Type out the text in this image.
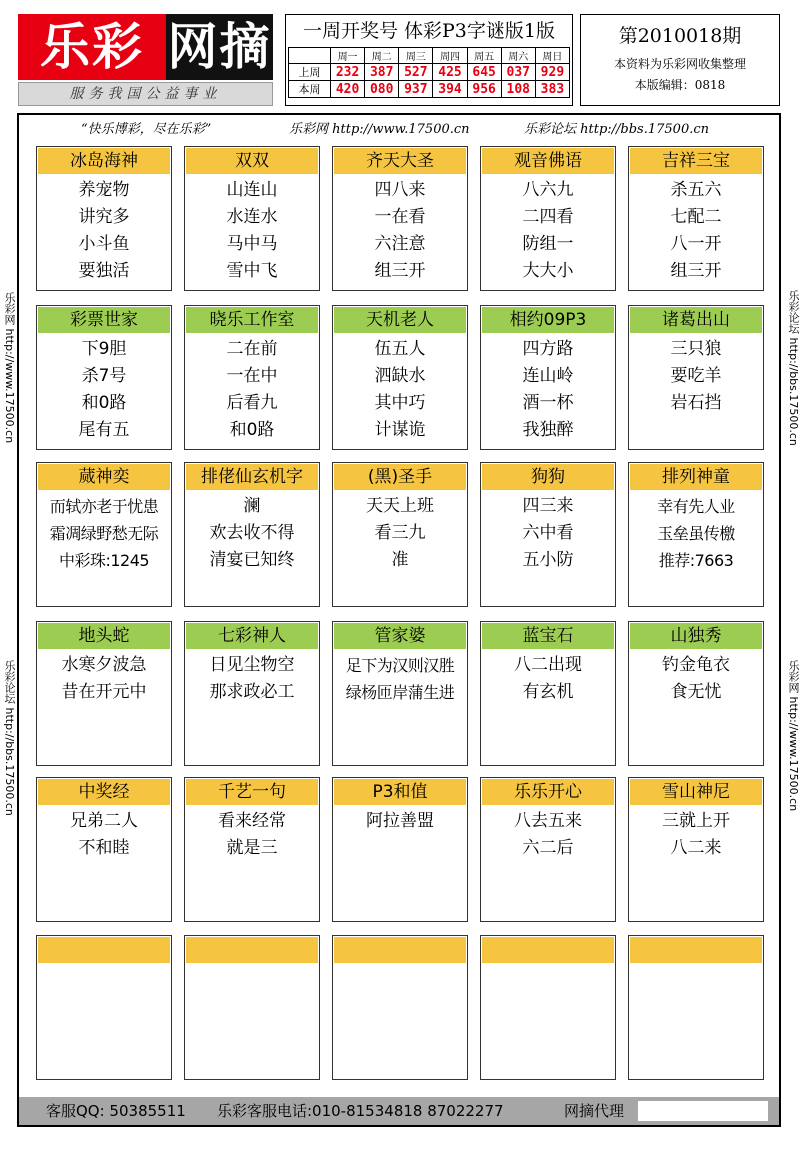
乐彩 网摘
服务我国公益事业
一周开奖号 体彩P3字谜版1版
	周一	周二	周三	周四	周五	周六	周日
上周	232	387	527	425	645	037	929
本周	420	080	937	394	956	108	383
第2010018期
本资料为乐彩网收集整理
本版编辑：0818
乐彩网 http://www.17500.cn
乐彩论坛 http://bbs.17500.cn
乐彩论坛 http://bbs.17500.cn
乐彩网 http://www.17500.cn
“快乐博彩，尽在乐彩”	乐彩网 http://www.17500.cn	乐彩论坛 http://bbs.17500.cn
冰岛海神
养宠物
讲究多
小斗鱼
要独活
双双
山连山
水连水
马中马
雪中飞
齐天大圣
四八来
一在看
六注意
组三开
观音佛语
八六九
二四看
防组一
大大小
吉祥三宝
杀五六
七配二
八一开
组三开
彩票世家
下9胆
杀7号
和0路
尾有五
晓乐工作室
二在前
一在中
后看九
和0路
天机老人
伍五人
泗缺水
其中巧
计谋诡
相约09P3
四方路
连山岭
酒一杯
我独醉
诸葛出山
三只狼
要吃羊
岩石挡
蒇神奕
而轼亦老于忧患
霜凋绿野愁无际
中彩珠:1245
排佬仙玄机字
澜
欢去收不得
清宴已知终
(黑)圣手
天天上班
看三九
准
狗狗
四三来
六中看
五小防
排列神童
幸有先人业
玉垒虽传檄
推荐:7663
地头蛇
水寒夕波急
昔在开元中
七彩神人
日见尘物空
那求政必工
管家婆
足下为汉则汉胜
绿杨匝岸蒲生进
蓝宝石
八二出现
有玄机
山独秀
钓金龟衣
食无忧
中奖经
兄弟二人
不和睦
千艺一句
看来经常
就是三
P3和值
阿拉善盟
乐乐开心
八去五来
六二后
雪山神尼
三就上开
八二来
客服QQ: 50385511 乐彩客服电话:010-81534818 87022277	网摘代理
